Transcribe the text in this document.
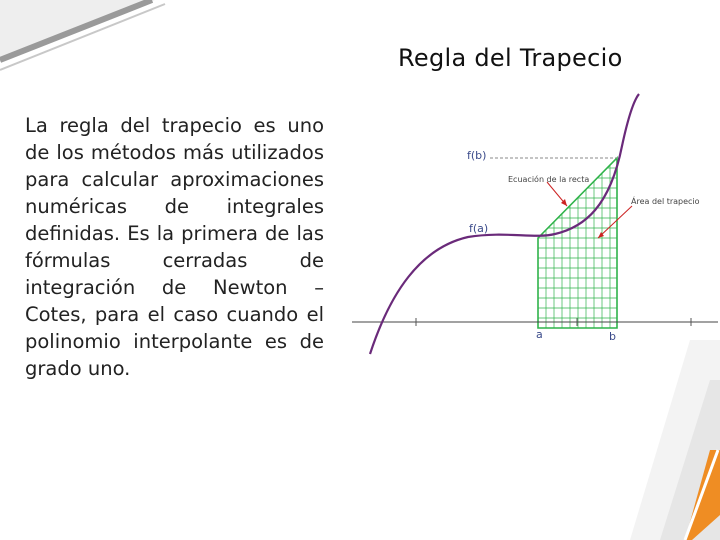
Regla del Trapecio

La regla del trapecio es uno de los métodos más utilizados para calcular aproximaciones numéricas de integrales definidas. Es la primera de las fórmulas cerradas de integración de Newton – Cotes, para el caso cuando el polinomio interpolante es de grado uno.

f(b)
f(a)
Ecuación de la recta
Área del trapecio
a	b
